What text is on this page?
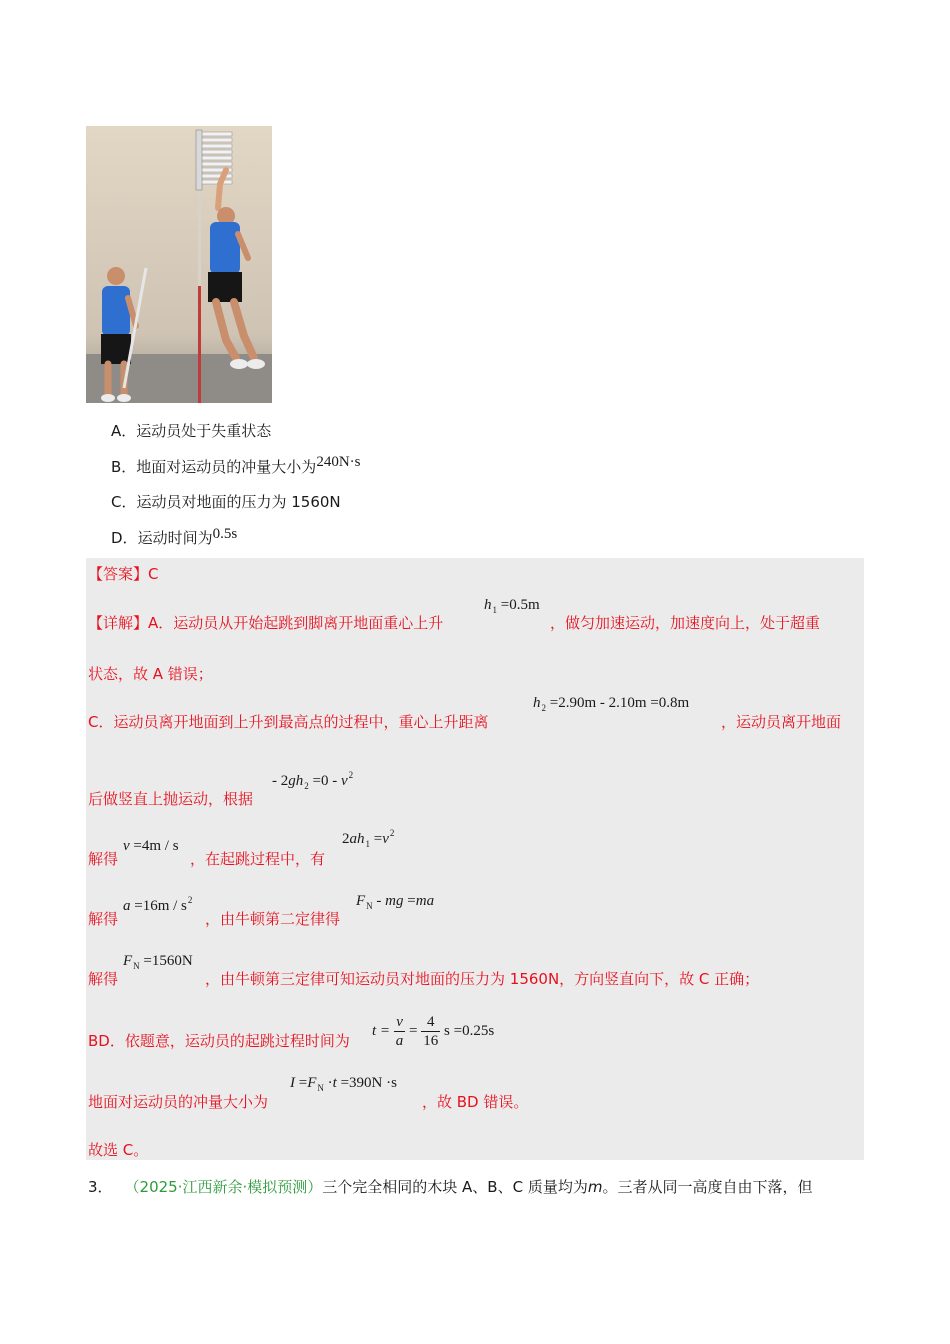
A．运动员处于失重状态
B．地面对运动员的冲量大小为240N·s
C．运动员对地面的压力为 1560N
D．运动时间为0.5s
【答案】C
【详解】A．运动员从开始起跳到脚离开地面重心上升
$h_1 =0.5m$
，做匀加速运动，加速度向上，处于超重
状态，故 A 错误；
C．运动员离开地面到上升到最高点的过程中，重心上升距离
$h_2 =2.90m - 2.10m =0.8m$
，运动员离开地面
后做竖直上抛运动，根据
- $2gh_2 =0 - v^2$
解得
v =4m / s
，在起跳过程中，有
$2ah_1 =v^2$
解得
$a =16m / s^2$
，由牛顿第二定律得
$F_N$ - mg =ma
解得
$F_N =1560N$
，由牛顿第三定律可知运动员对地面的压力为 1560N，方向竖直向下，故 C 正确；
BD．依题意，运动员的起跳过程时间为
$t = \frac{v}{a} = \frac{4}{16}$ s =0.25s
地面对运动员的冲量大小为
$I =F_N \cdot t =390N \cdot s$
，故 BD 错误。
故选 C。
3． （2025·江西新余·模拟预测）三个完全相同的木块 A、B、C 质量均为m。三者从同一高度自由下落，但
